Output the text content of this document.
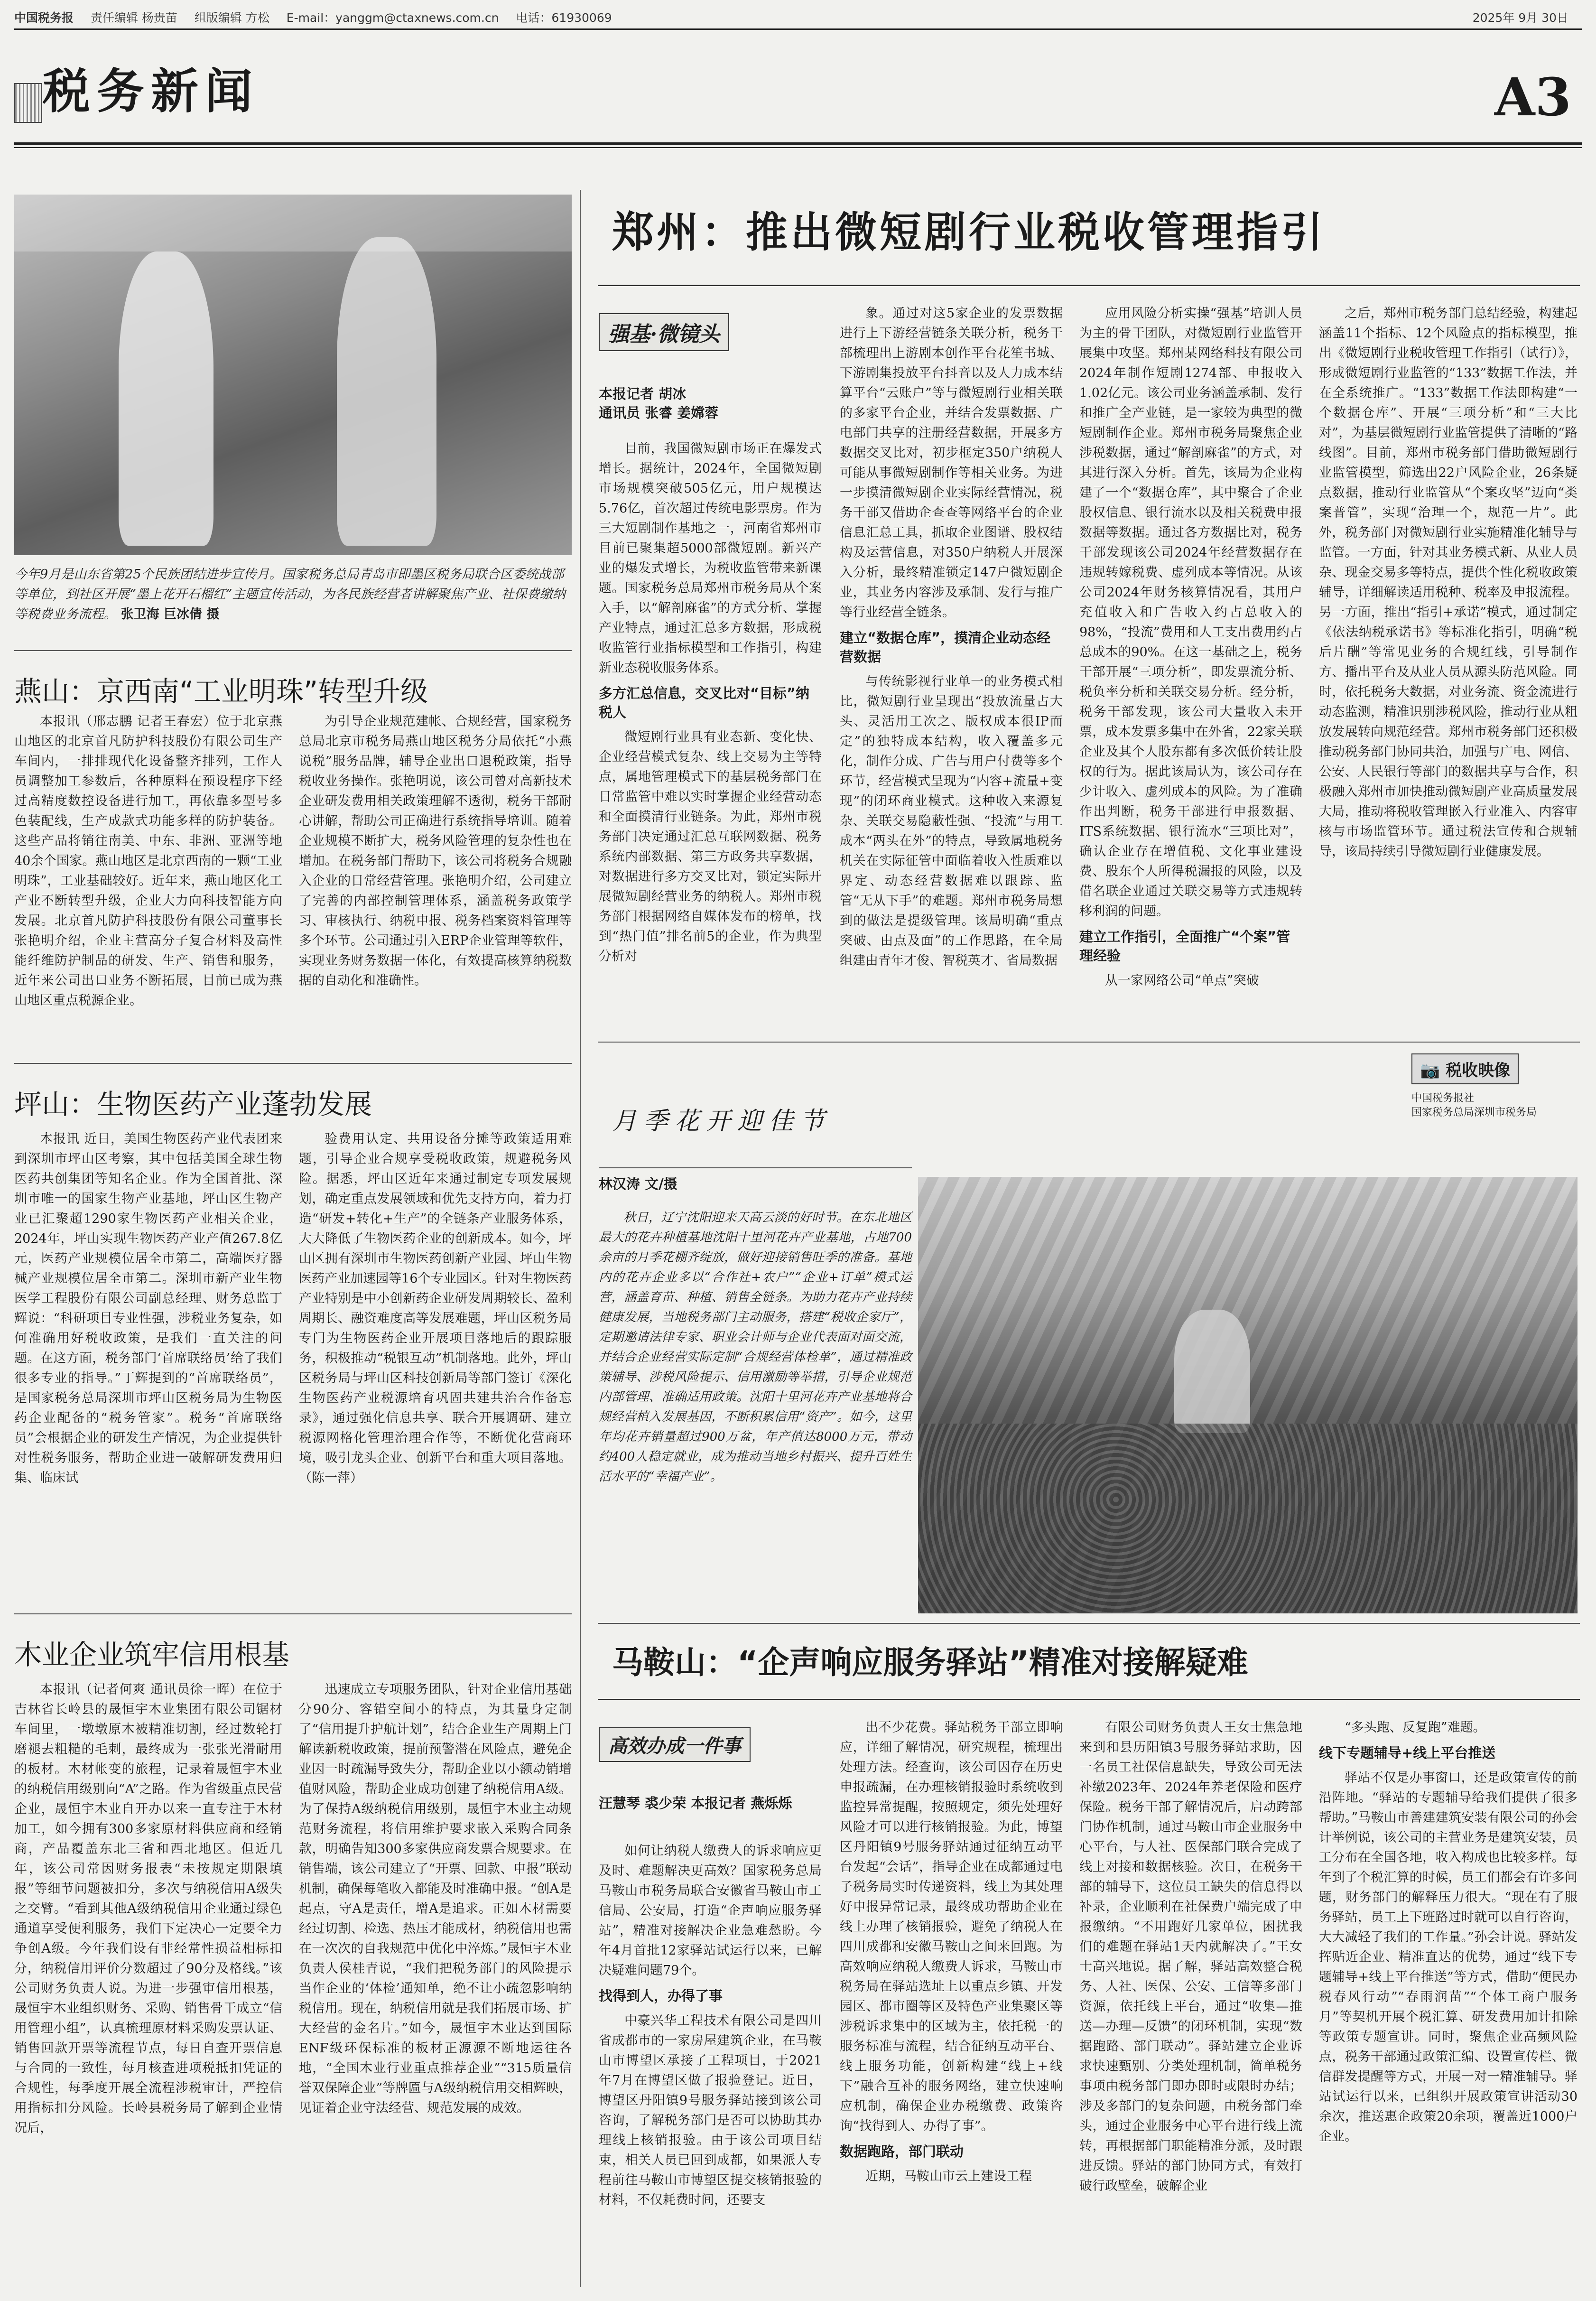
中国税务报 责任编辑 杨贵苗 组版编辑 方松 E-mail：yanggm@ctaxnews.com.cn 电话：61930069	2025年 9月 30日
税务新闻	A3
今年9月是山东省第25个民族团结进步宣传月。国家税务总局青岛市即墨区税务局联合区委统战部等单位，到社区开展“墨上花开石榴红”主题宣传活动，为各民族经营者讲解聚焦产业、社保费缴纳等税费业务流程。 张卫海 巨冰倩 摄
燕山：京西南“工业明珠”转型升级

本报讯（邢志鹏 记者王春宏）位于北京燕山地区的北京首凡防护科技股份有限公司生产车间内，一排排现代化设备整齐排列，工作人员调整加工参数后，各种原料在预设程序下经过高精度数控设备进行加工，再依靠多型号多色装配线，生产成款式功能多样的防护装备。这些产品将销往南美、中东、非洲、亚洲等地40余个国家。燕山地区是北京西南的一颗“工业明珠”，工业基础较好。近年来，燕山地区化工产业不断转型升级，企业大力向科技智能方向发展。北京首凡防护科技股份有限公司董事长张艳明介绍，企业主营高分子复合材料及高性能纤维防护制品的研发、生产、销售和服务，近年来公司出口业务不断拓展，目前已成为燕山地区重点税源企业。

为引导企业规范建帐、合规经营，国家税务总局北京市税务局燕山地区税务分局依托“小燕说税”服务品牌，辅导企业出口退税政策，指导税收业务操作。张艳明说，该公司曾对高新技术企业研发费用相关政策理解不透彻，税务干部耐心讲解，帮助公司正确进行系统指导培训。随着企业规模不断扩大，税务风险管理的复杂性也在增加。在税务部门帮助下，该公司将税务合规融入企业的日常经营管理。张艳明介绍，公司建立了完善的内部控制管理体系，涵盖税务政策学习、审核执行、纳税申报、税务档案资料管理等多个环节。公司通过引入ERP企业管理等软件，实现业务财务数据一体化，有效提高核算纳税数据的自动化和准确性。

坪山：生物医药产业蓬勃发展

本报讯 近日，美国生物医药产业代表团来到深圳市坪山区考察，其中包括美国全球生物医药共创集团等知名企业。作为全国首批、深圳市唯一的国家生物产业基地，坪山区生物产业已汇聚超1290家生物医药产业相关企业，2024年，坪山实现生物医药产业产值267.8亿元，医药产业规模位居全市第二，高端医疗器械产业规模位居全市第二。深圳市新产业生物医学工程股份有限公司副总经理、财务总监丁辉说：“科研项目专业性强，涉税业务复杂，如何准确用好税收政策，是我们一直关注的问题。在这方面，税务部门‘首席联络员’给了我们很多专业的指导。”丁辉提到的“首席联络员”，是国家税务总局深圳市坪山区税务局为生物医药企业配备的“税务管家”。税务“首席联络员”会根据企业的研发生产情况，为企业提供针对性税务服务，帮助企业进一破解研发费用归集、临床试

验费用认定、共用设备分摊等政策适用难题，引导企业合规享受税收政策，规避税务风险。据悉，坪山区近年来通过制定专项发展规划，确定重点发展领域和优先支持方向，着力打造“研发+转化+生产”的全链条产业服务体系，大大降低了生物医药企业的创新成本。如今，坪山区拥有深圳市生物医药创新产业园、坪山生物医药产业加速园等16个专业园区。针对生物医药产业特别是中小创新药企业研发周期较长、盈利周期长、融资难度高等发展难题，坪山区税务局专门为生物医药企业开展项目落地后的跟踪服务，积极推动“税银互动”机制落地。此外，坪山区税务局与坪山区科技创新局等部门签订《深化生物医药产业税源培育巩固共建共治合作备忘录》，通过强化信息共享、联合开展调研、建立税源网格化管理治理合作等，不断优化营商环境，吸引龙头企业、创新平台和重大项目落地。（陈一萍）

木业企业筑牢信用根基

本报讯（记者何爽 通讯员徐一晖）在位于吉林省长岭县的晟恒宇木业集团有限公司锯材车间里，一墩墩原木被精准切割，经过数轮打磨褪去粗糙的毛刺，最终成为一张张光滑耐用的板材。木材帐变的旅程，记录着晟恒宇木业的纳税信用级别向“A”之路。作为省级重点民营企业，晟恒宇木业自开办以来一直专注于木材加工，如今拥有300多家原材料供应商和经销商，产品覆盖东北三省和西北地区。但近几年，该公司常因财务报表“未按规定期限填报”等细节问题被扣分，多次与纳税信用A级失之交臂。“看到其他A级纳税信用企业通过绿色通道享受便利服务，我们下定决心一定要全力争创A级。今年我们设有非经常性损益相标扣分，纳税信用评价分数超过了90分及格线。”该公司财务负责人说。为进一步强审信用根基，晟恒宇木业组织财务、采购、销售骨干成立“信用管理小组”，认真梳理原材料采购发票认证、销售回款开票等流程节点，每日自查开票信息与合同的一致性，每月核查进项税抵扣凭证的合规性，每季度开展全流程涉税审计，严控信用指标扣分风险。长岭县税务局了解到企业情况后，

迅速成立专项服务团队，针对企业信用基础分90分、容错空间小的特点，为其量身定制了“信用提升护航计划”，结合企业生产周期上门解读新税收政策，提前预警潜在风险点，避免企业因一时疏漏导致失分，帮助企业以小额动销增值财风险，帮助企业成功创建了纳税信用A级。为了保持A级纳税信用级别，晟恒宇木业主动规范财务流程，将信用维护要求嵌入采购合同条款，明确告知300多家供应商发票合规要求。在销售端，该公司建立了“开票、回款、申报”联动机制，确保每笔收入都能及时准确申报。“创A是起点，守A是责任，增A是追求。正如木材需要经过切割、检选、热压才能成材，纳税信用也需在一次次的自我规范中优化中淬炼。”晟恒宇木业负责人侯桂青说，“我们把税务部门的风险提示当作企业的‘体检’通知单，绝不让小疏忽影响纳税信用。现在，纳税信用就是我们拓展市场、扩大经营的金名片。”如今，晟恒宇木业达到国际ENF级环保标准的板材正源源不断地运往各地，“全国木业行业重点推荐企业”“315质量信誉双保障企业”等牌匾与A级纳税信用交相辉映，见证着企业守法经营、规范发展的成效。

郑州：推出微短剧行业税收管理指引
强基·微镜头
本报记者 胡冰
通讯员 张睿 姜嫦蓉

目前，我国微短剧市场正在爆发式增长。据统计，2024年，全国微短剧市场规模突破505亿元，用户规模达5.76亿，首次超过传统电影票房。作为三大短剧制作基地之一，河南省郑州市目前已聚集超5000部微短剧。新兴产业的爆发式增长，为税收监管带来新课题。国家税务总局郑州市税务局从个案入手，以“解剖麻雀”的方式分析、掌握产业特点，通过汇总多方数据，形成税收监管行业指标模型和工作指引，构建新业态税收服务体系。

多方汇总信息，交叉比对“目标”纳税人

微短剧行业具有业态新、变化快、企业经营模式复杂、线上交易为主等特点，属地管理模式下的基层税务部门在日常监管中难以实时掌握企业经营动态和全面摸清行业链条。为此，郑州市税务部门决定通过汇总互联网数据、税务系统内部数据、第三方政务共享数据，对数据进行多方交叉比对，锁定实际开展微短剧经营业务的纳税人。郑州市税务部门根据网络自媒体发布的榜单，找到“热门值”排名前5的企业，作为典型分析对

象。通过对这5家企业的发票数据进行上下游经营链条关联分析，税务干部梳理出上游剧本创作平台花笙书城、下游剧集投放平台抖音以及人力成本结算平台“云账户”等与微短剧行业相关联的多家平台企业，并结合发票数据、广电部门共享的注册经营数据，开展多方数据交叉比对，初步框定350户纳税人可能从事微短剧制作等相关业务。为进一步摸清微短剧企业实际经营情况，税务干部又借助企查查等网络平台的企业信息汇总工具，抓取企业图谱、股权结构及运营信息，对350户纳税人开展深入分析，最终精准锁定147户微短剧企业，其业务内容涉及承制、发行与推广等行业经营全链条。

建立“数据仓库”，摸清企业动态经营数据

与传统影视行业单一的业务模式相比，微短剧行业呈现出“投放流量占大头、灵活用工次之、版权成本很IP而定”的独特成本结构，收入覆盖多元化，制作分成、广告与用户付费等多个环节，经营模式呈现为“内容+流量+变现”的闭环商业模式。这种收入来源复杂、关联交易隐蔽性强、“投流”与用工成本“两头在外”的特点，导致属地税务机关在实际征管中面临着收入性质难以界定、动态经营数据难以跟踪、监管“无从下手”的难题。郑州市税务局想到的做法是提级管理。该局明确“重点突破、由点及面”的工作思路，在全局组建由青年才俊、智税英才、省局数据

应用风险分析实操“强基”培训人员为主的骨干团队，对微短剧行业监管开展集中攻坚。郑州某网络科技有限公司2024年制作短剧1274部、申报收入1.02亿元。该公司业务涵盖承制、发行和推广全产业链，是一家较为典型的微短剧制作企业。郑州市税务局聚焦企业涉税数据，通过“解剖麻雀”的方式，对其进行深入分析。首先，该局为企业构建了一个“数据仓库”，其中聚合了企业股权信息、银行流水以及相关税费申报数据等数据。通过各方数据比对，税务干部发现该公司2024年经营数据存在违规转嫁税费、虚列成本等情况。从该公司2024年财务核算情况看，其用户充值收入和广告收入约占总收入的98%，“投流”费用和人工支出费用约占总成本的90%。在这一基础之上，税务干部开展“三项分析”，即发票流分析、税负率分析和关联交易分析。经分析，税务干部发现，该公司大量收入未开票，成本发票多集中在外省，22家关联企业及其个人股东都有多次低价转让股权的行为。据此该局认为，该公司存在少计收入、虚列成本的风险。为了准确作出判断，税务干部进行申报数据、ITS系统数据、银行流水“三项比对”，确认企业存在增值税、文化事业建设费、股东个人所得税漏报的风险，以及借名联企业通过关联交易等方式违规转移利润的问题。

建立工作指引，全面推广“个案”管理经验

从一家网络公司“单点”突破

之后，郑州市税务部门总结经验，构建起涵盖11个指标、12个风险点的指标模型，推出《微短剧行业税收管理工作指引（试行）》，形成微短剧行业监管的“133”数据工作法，并在全系统推广。“133”数据工作法即构建“一个数据仓库”、开展“三项分析”和“三大比对”，为基层微短剧行业监管提供了清晰的“路线图”。目前，郑州市税务部门借助微短剧行业监管模型，筛选出22户风险企业，26条疑点数据，推动行业监管从“个案攻坚”迈向“类案普管”，实现“治理一个，规范一片”。此外，税务部门对微短剧行业实施精准化辅导与监管。一方面，针对其业务模式新、从业人员杂、现金交易多等特点，提供个性化税收政策辅导，详细解读适用税种、税率及申报流程。另一方面，推出“指引+承诺”模式，通过制定《依法纳税承诺书》等标准化指引，明确“税后片酬”等常见业务的合规红线，引导制作方、播出平台及从业人员从源头防范风险。同时，依托税务大数据，对业务流、资金流进行动态监测，精准识别涉税风险，推动行业从粗放发展转向规范经营。郑州市税务部门还积极推动税务部门协同共治，加强与广电、网信、公安、人民银行等部门的数据共享与合作，积极融入郑州市加快推动微短剧产业高质量发展大局，推动将税收管理嵌入行业准入、内容审核与市场监管环节。通过税法宣传和合规辅导，该局持续引导微短剧行业健康发展。

📷 税收映像
中国税务报社
国家税务总局深圳市税务局
月季花开迎佳节
林汉涛 文/摄

秋日，辽宁沈阳迎来天高云淡的好时节。在东北地区最大的花卉种植基地沈阳十里河花卉产业基地，占地700余亩的月季花棚齐绽放，做好迎接销售旺季的准备。基地内的花卉企业多以“合作社+农户”“企业+订单”模式运营，涵盖育苗、种植、销售全链条。为助力花卉产业持续健康发展，当地税务部门主动服务，搭建“税收企家厅”，定期邀请法律专家、职业会计师与企业代表面对面交流，并结合企业经营实际定制“合规经营体检单”，通过精准政策辅导、涉税风险提示、信用激励等举措，引导企业规范内部管理、准确适用政策。沈阳十里河花卉产业基地将合规经营植入发展基因，不断积累信用“资产”。如今，这里年均花卉销量超过900万盆，年产值达8000万元，带动约400人稳定就业，成为推动当地乡村振兴、提升百姓生活水平的“幸福产业”。

马鞍山：“企声响应服务驿站”精准对接解疑难
高效办成一件事
汪慧琴 裘少荣 本报记者 燕烁烁

如何让纳税人缴费人的诉求响应更及时、难题解决更高效？国家税务总局马鞍山市税务局联合安徽省马鞍山市工信局、公安局，打造“企声响应服务驿站”，精准对接解决企业急难愁盼。今年4月首批12家驿站试运行以来，已解决疑难问题79个。

找得到人，办得了事

中豪兴华工程技术有限公司是四川省成都市的一家房屋建筑企业，在马鞍山市博望区承接了工程项目，于2021年7月在博望区做了报验登记。近日，博望区丹阳镇9号服务驿站接到该公司咨询，了解税务部门是否可以协助其办理线上核销报验。由于该公司项目结束，相关人员已回到成都，如果派人专程前往马鞍山市博望区提交核销报验的材料，不仅耗费时间，还要支

出不少花费。驿站税务干部立即响应，详细了解情况，研究规程，梳理出处理方法。经查询，该公司因存在历史申报疏漏，在办理核销报验时系统收到监控异常提醒，按照规定，须先处理好风险才可以进行核销报验。为此，博望区丹阳镇9号服务驿站通过征纳互动平台发起“会话”，指导企业在成都通过电子税务局实时传递资料，线上为其处理好申报异常记录，最终成功帮助企业在线上办理了核销报验，避免了纳税人在四川成都和安徽马鞍山之间来回跑。为高效响应纳税人缴费人诉求，马鞍山市税务局在驿站选址上以重点乡镇、开发园区、都市圈等区及特色产业集聚区等涉税诉求集中的区域为主，依托税一的服务标准与流程，结合征纳互动平台、线上服务功能，创新构建“线上+线下”融合互补的服务网络，建立快速响应机制，确保企业办税缴费、政策咨询“找得到人、办得了事”。

数据跑路，部门联动

近期，马鞍山市云上建设工程

有限公司财务负责人王女士焦急地来到和县历阳镇3号服务驿站求助，因一名员工社保信息缺失，导致公司无法补缴2023年、2024年养老保险和医疗保险。税务干部了解情况后，启动跨部门协作机制，通过马鞍山市企业服务中心平台，与人社、医保部门联合完成了线上对接和数据核验。次日，在税务干部的辅导下，这位员工缺失的信息得以补录，企业顺利在社保费户端完成了申报缴纳。“不用跑好几家单位，困扰我们的难题在驿站1天内就解决了。”王女士高兴地说。据了解，驿站高效整合税务、人社、医保、公安、工信等多部门资源，依托线上平台，通过“收集—推送—办理—反馈”的闭环机制，实现“数据跑路、部门联动”。驿站建立企业诉求快速甄别、分类处理机制，简单税务事项由税务部门即办即时或限时办结；涉及多部门的复杂问题，由税务部门牵头，通过企业服务中心平台进行线上流转，再根据部门职能精准分派，及时跟进反馈。驿站的部门协同方式，有效打破行政壁垒，破解企业

“多头跑、反复跑”难题。

线下专题辅导+线上平台推送

驿站不仅是办事窗口，还是政策宣传的前沿阵地。“驿站的专题辅导给我们提供了很多帮助。”马鞍山市善建建筑安装有限公司的孙会计举例说，该公司的主营业务是建筑安装，员工分布在全国各地，收入构成也比较多样。每年到了个税汇算的时候，员工们都会有许多问题，财务部门的解释压力很大。“现在有了服务驿站，员工上下班路过时就可以自行咨询，大大减轻了我们的工作量。”孙会计说。驿站发挥贴近企业、精准直达的优势，通过“线下专题辅导+线上平台推送”等方式，借助“便民办税春风行动”“春雨润苗”“个体工商户服务月”等契机开展个税汇算、研发费用加计扣除等政策专题宣讲。同时，聚焦企业高频风险点，税务干部通过政策汇编、设置宣传栏、微信群发提醒等方式，开展一对一精准辅导。驿站试运行以来，已组织开展政策宣讲活动30余次，推送惠企政策20余项，覆盖近1000户企业。
